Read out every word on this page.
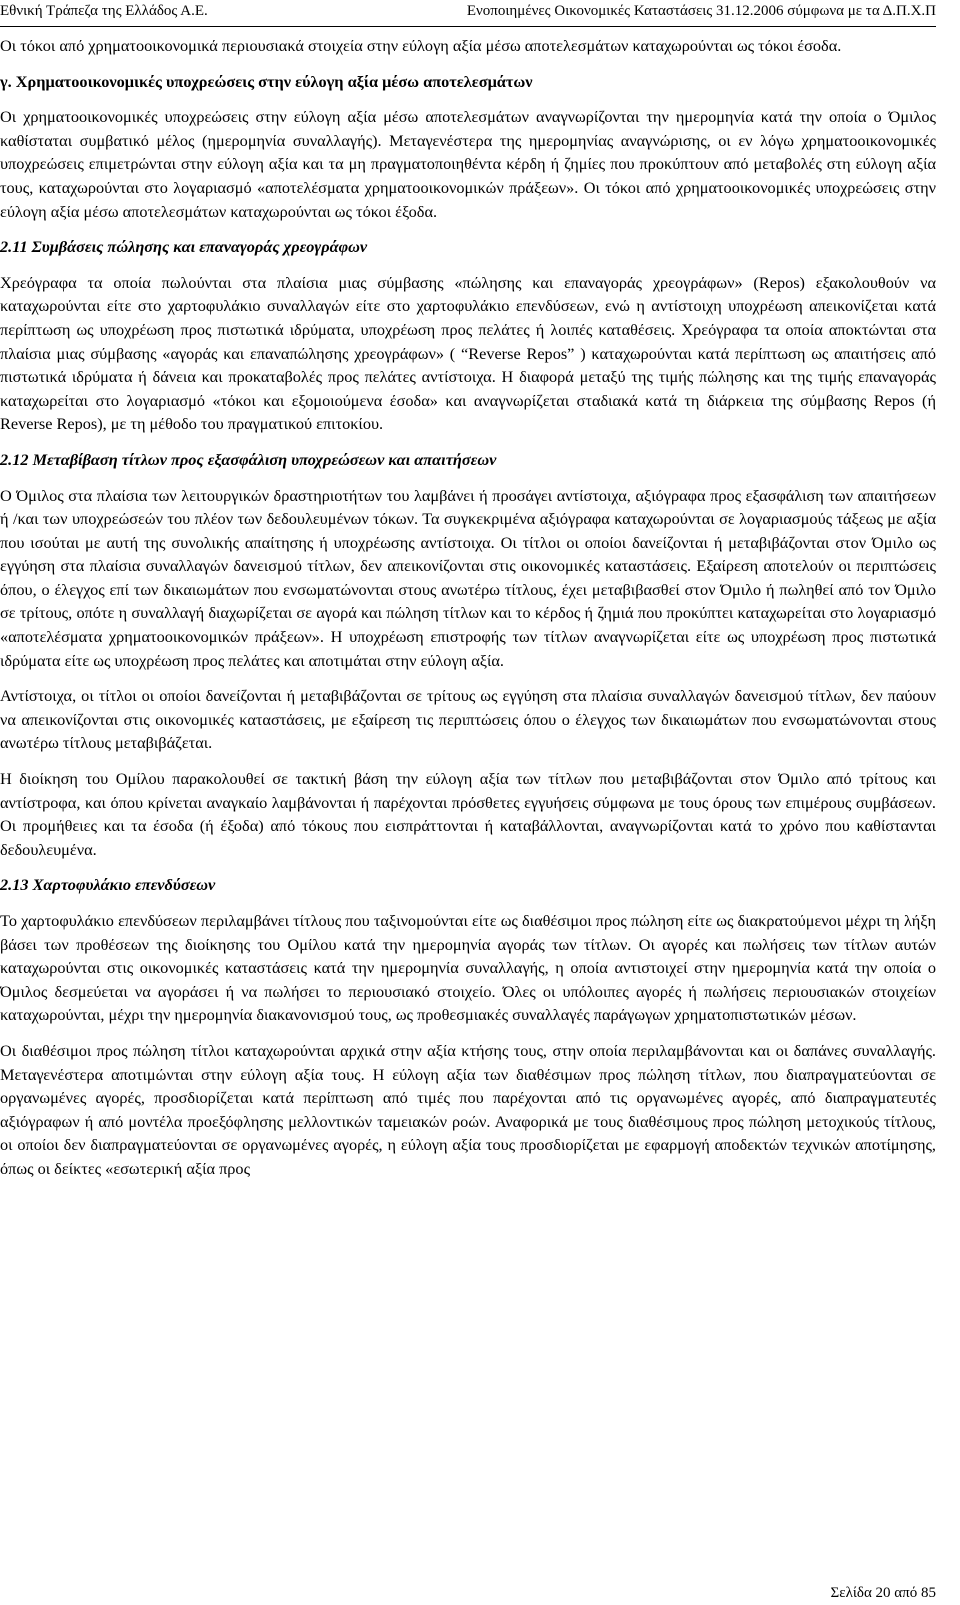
Εθνική Τράπεζα της Ελλάδος Α.Ε.	Ενοποιημένες Οικονομικές Καταστάσεις 31.12.2006 σύμφωνα με τα Δ.Π.Χ.Π

Οι τόκοι από χρηματοοικονομικά περιουσιακά στοιχεία στην εύλογη αξία μέσω αποτελεσμάτων καταχωρούνται ως τόκοι έσοδα.

γ. Χρηματοοικονομικές υποχρεώσεις στην εύλογη αξία μέσω αποτελεσμάτων

Οι χρηματοοικονομικές υποχρεώσεις στην εύλογη αξία μέσω αποτελεσμάτων αναγνωρίζονται την ημερομηνία κατά την οποία ο Όμιλος καθίσταται συμβατικό μέλος (ημερομηνία συναλλαγής). Μεταγενέστερα της ημερομηνίας αναγνώρισης, οι εν λόγω χρηματοοικονομικές υποχρεώσεις επιμετρώνται στην εύλογη αξία και τα μη πραγματοποιηθέντα κέρδη ή ζημίες που προκύπτουν από μεταβολές στη εύλογη αξία τους, καταχωρούνται στο λογαριασμό «αποτελέσματα χρηματοοικονομικών πράξεων». Οι τόκοι από χρηματοοικονομικές υποχρεώσεις στην εύλογη αξία μέσω αποτελεσμάτων καταχωρούνται ως τόκοι έξοδα.

2.11 Συμβάσεις πώλησης και επαναγοράς χρεογράφων

Χρεόγραφα τα οποία πωλούνται στα πλαίσια μιας σύμβασης «πώλησης και επαναγοράς χρεογράφων» (Repos) εξακολουθούν να καταχωρούνται είτε στο χαρτοφυλάκιο συναλλαγών είτε στο χαρτοφυλάκιο επενδύσεων, ενώ η αντίστοιχη υποχρέωση απεικονίζεται κατά περίπτωση ως υποχρέωση προς πιστωτικά ιδρύματα, υποχρέωση προς πελάτες ή λοιπές καταθέσεις. Χρεόγραφα τα οποία αποκτώνται στα πλαίσια μιας σύμβασης «αγοράς και επαναπώλησης χρεογράφων» ( “Reverse Repos” ) καταχωρούνται κατά περίπτωση ως απαιτήσεις από πιστωτικά ιδρύματα ή δάνεια και προκαταβολές προς πελάτες αντίστοιχα. Η διαφορά μεταξύ της τιμής πώλησης και της τιμής επαναγοράς καταχωρείται στο λογαριασμό «τόκοι και εξομοιούμενα έσοδα» και αναγνωρίζεται σταδιακά κατά τη διάρκεια της σύμβασης Repos (ή Reverse Repos), με τη μέθοδο του πραγματικού επιτοκίου.

2.12 Μεταβίβαση τίτλων προς εξασφάλιση υποχρεώσεων και απαιτήσεων

Ο Όμιλος στα πλαίσια των λειτουργικών δραστηριοτήτων του λαμβάνει ή προσάγει αντίστοιχα, αξιόγραφα προς εξασφάλιση των απαιτήσεων ή /και των υποχρεώσεών του πλέον των δεδουλευμένων τόκων. Τα συγκεκριμένα αξιόγραφα καταχωρούνται σε λογαριασμούς τάξεως με αξία που ισούται με αυτή της συνολικής απαίτησης ή υποχρέωσης αντίστοιχα. Οι τίτλοι οι οποίοι δανείζονται ή μεταβιβάζονται στον Όμιλο ως εγγύηση στα πλαίσια συναλλαγών δανεισμού τίτλων, δεν απεικονίζονται στις οικονομικές καταστάσεις. Εξαίρεση αποτελούν οι περιπτώσεις όπου, ο έλεγχος επί των δικαιωμάτων που ενσωματώνονται στους ανωτέρω τίτλους, έχει μεταβιβασθεί στον Όμιλο ή πωληθεί από τον Όμιλο σε τρίτους, οπότε η συναλλαγή διαχωρίζεται σε αγορά και πώληση τίτλων και το κέρδος ή ζημιά που προκύπτει καταχωρείται στο λογαριασμό «αποτελέσματα χρηματοοικονομικών πράξεων». Η υποχρέωση επιστροφής των τίτλων αναγνωρίζεται είτε ως υποχρέωση προς πιστωτικά ιδρύματα είτε ως υποχρέωση προς πελάτες και αποτιμάται στην εύλογη αξία.

Αντίστοιχα, οι τίτλοι οι οποίοι δανείζονται ή μεταβιβάζονται σε τρίτους ως εγγύηση στα πλαίσια συναλλαγών δανεισμού τίτλων, δεν παύουν να απεικονίζονται στις οικονομικές καταστάσεις, με εξαίρεση τις περιπτώσεις όπου ο έλεγχος των δικαιωμάτων που ενσωματώνονται στους ανωτέρω τίτλους μεταβιβάζεται.

Η διοίκηση του Ομίλου παρακολουθεί σε τακτική βάση την εύλογη αξία των τίτλων που μεταβιβάζονται στον Όμιλο από τρίτους και αντίστροφα, και όπου κρίνεται αναγκαίο λαμβάνονται ή παρέχονται πρόσθετες εγγυήσεις σύμφωνα με τους όρους των επιμέρους συμβάσεων. Οι προμήθειες και τα έσοδα (ή έξοδα) από τόκους που εισπράττονται ή καταβάλλονται, αναγνωρίζονται κατά το χρόνο που καθίστανται δεδουλευμένα.

2.13 Χαρτοφυλάκιο επενδύσεων

Το χαρτοφυλάκιο επενδύσεων περιλαμβάνει τίτλους που ταξινομούνται είτε ως διαθέσιμοι προς πώληση είτε ως διακρατούμενοι μέχρι τη λήξη βάσει των προθέσεων της διοίκησης του Ομίλου κατά την ημερομηνία αγοράς των τίτλων. Οι αγορές και πωλήσεις των τίτλων αυτών καταχωρούνται στις οικονομικές καταστάσεις κατά την ημερομηνία συναλλαγής, η οποία αντιστοιχεί στην ημερομηνία κατά την οποία ο Όμιλος δεσμεύεται να αγοράσει ή να πωλήσει το περιουσιακό στοιχείο. Όλες οι υπόλοιπες αγορές ή πωλήσεις περιουσιακών στοιχείων καταχωρούνται, μέχρι την ημερομηνία διακανονισμού τους, ως προθεσμιακές συναλλαγές παράγωγων χρηματοπιστωτικών μέσων.

Οι διαθέσιμοι προς πώληση τίτλοι καταχωρούνται αρχικά στην αξία κτήσης τους, στην οποία περιλαμβάνονται και οι δαπάνες συναλλαγής. Μεταγενέστερα αποτιμώνται στην εύλογη αξία τους. Η εύλογη αξία των διαθέσιμων προς πώληση τίτλων, που διαπραγματεύονται σε οργανωμένες αγορές, προσδιορίζεται κατά περίπτωση από τιμές που παρέχονται από τις οργανωμένες αγορές, από διαπραγματευτές αξιόγραφων ή από μοντέλα προεξόφλησης μελλοντικών ταμειακών ροών. Αναφορικά με τους διαθέσιμους προς πώληση μετοχικούς τίτλους, οι οποίοι δεν διαπραγματεύονται σε οργανωμένες αγορές, η εύλογη αξία τους προσδιορίζεται με εφαρμογή αποδεκτών τεχνικών αποτίμησης, όπως οι δείκτες «εσωτερική αξία προς

Σελίδα 20 από 85
